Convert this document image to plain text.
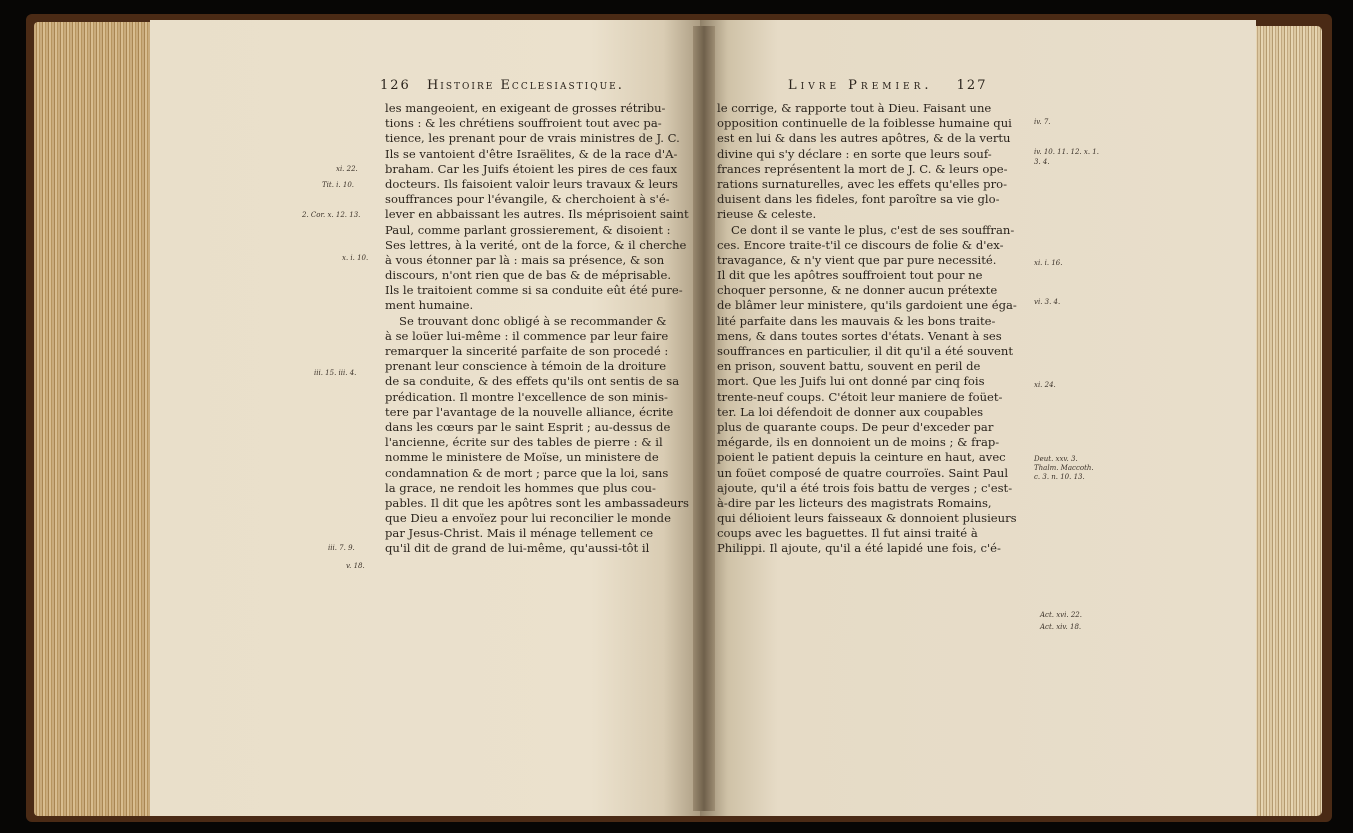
126 Histoire Ecclesiastique.	Livre Premier. 127
les mangeoient, en exigeant de grosses rétribu-
tions : & les chrétiens souffroient tout avec pa-
tience, les prenant pour de vrais ministres de J. C.
Ils se vantoient d'être Israëlites, & de la race d'A-
braham. Car les Juifs étoient les pires de ces faux
docteurs. Ils faisoient valoir leurs travaux & leurs
souffrances pour l'évangile, & cherchoient à s'é-
lever en abbaissant les autres. Ils méprisoient saint
Paul, comme parlant grossierement, & disoient :
Ses lettres, à la verité, ont de la force, & il cherche
à vous étonner par là : mais sa présence, & son
discours, n'ont rien que de bas & de méprisable.
Ils le traitoient comme si sa conduite eût été pure-
ment humaine.
Se trouvant donc obligé à se recommander &
à se loüer lui-même : il commence par leur faire
remarquer la sincerité parfaite de son procedé :
prenant leur conscience à témoin de la droiture
de sa conduite, & des effets qu'ils ont sentis de sa
prédication. Il montre l'excellence de son minis-
tere par l'avantage de la nouvelle alliance, écrite
dans les cœurs par le saint Esprit ; au-dessus de
l'ancienne, écrite sur des tables de pierre : & il
nomme le ministere de Moïse, un ministere de
condamnation & de mort ; parce que la loi, sans
la grace, ne rendoit les hommes que plus cou-
pables. Il dit que les apôtres sont les ambassadeurs
que Dieu a envoïez pour lui reconcilier le monde
par Jesus-Christ. Mais il ménage tellement ce
qu'il dit de grand de lui-même, qu'aussi-tôt il
le corrige, & rapporte tout à Dieu. Faisant une
opposition continuelle de la foiblesse humaine qui
est en lui & dans les autres apôtres, & de la vertu
divine qui s'y déclare : en sorte que leurs souf-
frances représentent la mort de J. C. & leurs ope-
rations surnaturelles, avec les effets qu'elles pro-
duisent dans les fideles, font paroître sa vie glo-
rieuse & celeste.
Ce dont il se vante le plus, c'est de ses souffran-
ces. Encore traite-t'il ce discours de folie & d'ex-
travagance, & n'y vient que par pure necessité.
Il dit que les apôtres souffroient tout pour ne
choquer personne, & ne donner aucun prétexte
de blâmer leur ministere, qu'ils gardoient une éga-
lité parfaite dans les mauvais & les bons traite-
mens, & dans toutes sortes d'états. Venant à ses
souffrances en particulier, il dit qu'il a été souvent
en prison, souvent battu, souvent en peril de
mort. Que les Juifs lui ont donné par cinq fois
trente-neuf coups. C'étoit leur maniere de foüet-
ter. La loi défendoit de donner aux coupables
plus de quarante coups. De peur d'exceder par
mégarde, ils en donnoient un de moins ; & frap-
poient le patient depuis la ceinture en haut, avec
un foüet composé de quatre courroïes. Saint Paul
ajoute, qu'il a été trois fois battu de verges ; c'est-
à-dire par les licteurs des magistrats Romains,
qui délioient leurs faisseaux & donnoient plusieurs
coups avec les baguettes. Il fut ainsi traité à
Philippi. Il ajoute, qu'il a été lapidé une fois, c'é-
xi. 22.
Tit. i. 10.
2. Cor. x. 12. 13.
x. i. 10.
iii. 15. iii. 4.
iii. 7. 9.
v. 18.
iv. 7.
iv. 10. 11. 12. x. 1.
3. 4.
xi. i. 16.
vi. 3. 4.
xi. 24.
Deut. xxv. 3.
Thalm. Maccoth.
c. 3. n. 10. 13.
Act. xvi. 22.
Act. xiv. 18.
